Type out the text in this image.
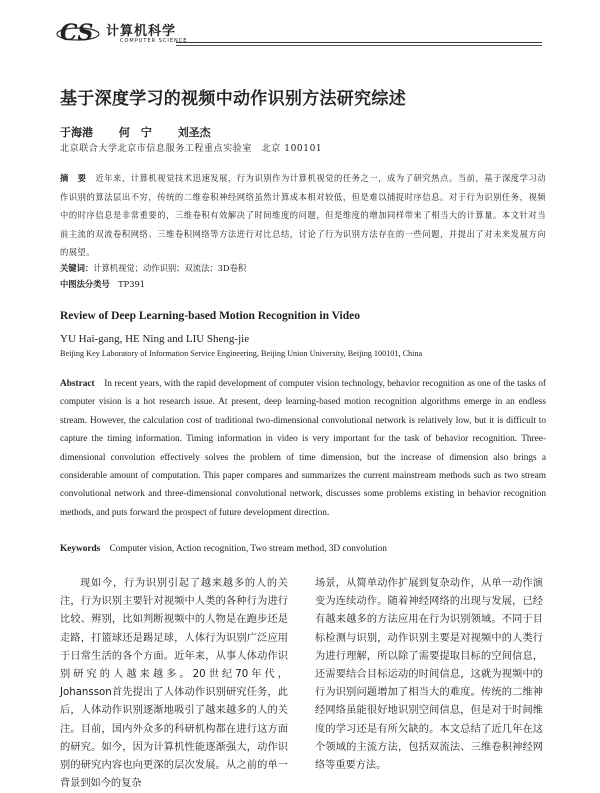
CS 计算机科学
COMPUTER SCIENCE
基于深度学习的视频中动作识别方法研究综述
于海港 何　宁 刘圣杰
北京联合大学北京市信息服务工程重点实验室　北京 100101
摘　要　 近年来，计算机视觉技术迅速发展，行为识别作为计算机视觉的任务之一，成为了研究热点。当前，基于深度学习动作识别的算法层出不穷，传统的二维卷积神经网络虽然计算成本相对较低，但是难以捕捉时序信息。对于行为识别任务，视频中的时序信息是非常重要的，三维卷积有效解决了时间维度的问题，但是维度的增加同样带来了相当大的计算量。本文针对当前主流的双流卷积网络、三维卷积网络等方法进行对比总结，讨论了行为识别方法存在的一些问题，并提出了对未来发展方向的展望。
关键词：计算机视觉；动作识别；双流法；3D卷积
中图法分类号　 TP391
Review of Deep Learning-based Motion Recognition in Video
YU Hai-gang, HE Ning and LIU Sheng-jie
Beijing Key Laboratory of Information Service Engineering, Beijing Union University, Beijing 100101, China
Abstract　 In recent years, with the rapid development of computer vision technology, behavior recognition as one of the tasks of computer vision is a hot research issue. At present, deep learning-based motion recognition algorithms emerge in an endless stream. However, the calculation cost of traditional two-dimensional convolutional network is relatively low, but it is difficult to capture the timing information. Timing information in video is very important for the task of behavior recognition. Three-dimensional convolution effectively solves the problem of time dimension, but the increase of dimension also brings a considerable amount of computation. This paper compares and summarizes the current mainstream methods such as two stream convolutional network and three-dimensional convolutional network, discusses some problems existing in behavior recognition methods, and puts forward the prospect of future development direction.
Keywords　 Computer vision, Action recognition, Two stream method, 3D convolution
现如今，行为识别引起了越来越多的人的关注，行为识别主要针对视频中人类的各种行为进行比较、辨别，比如判断视频中的人物是在跑步还是走路，打篮球还是踢足球，人体行为识别广泛应用于日常生活的各个方面。近年来，从事人体动作识别研究的人越来越多。20世纪70年代，Johansson首先提出了人体动作识别研究任务，此后，人体动作识别逐渐地吸引了越来越多的人的关注。目前，国内外众多的科研机构都在进行这方面的研究。如今，因为计算机性能逐渐强大，动作识别的研究内容也向更深的层次发展。从之前的单一背景到如今的复杂
场景，从简单动作扩展到复杂动作，从单一动作演变为连续动作。随着神经网络的出现与发展，已经有越来越多的方法应用在行为识别领域。不同于目标检测与识别，动作识别主要是对视频中的人类行为进行理解，所以除了需要提取目标的空间信息，还需要结合目标运动的时间信息，这就为视频中的行为识别问题增加了相当大的难度。传统的二维神经网络虽能很好地识别空间信息，但是对于时间维度的学习还是有所欠缺的。本文总结了近几年在这个领域的主流方法，包括双流法、三维卷积神经网络等重要方法。
